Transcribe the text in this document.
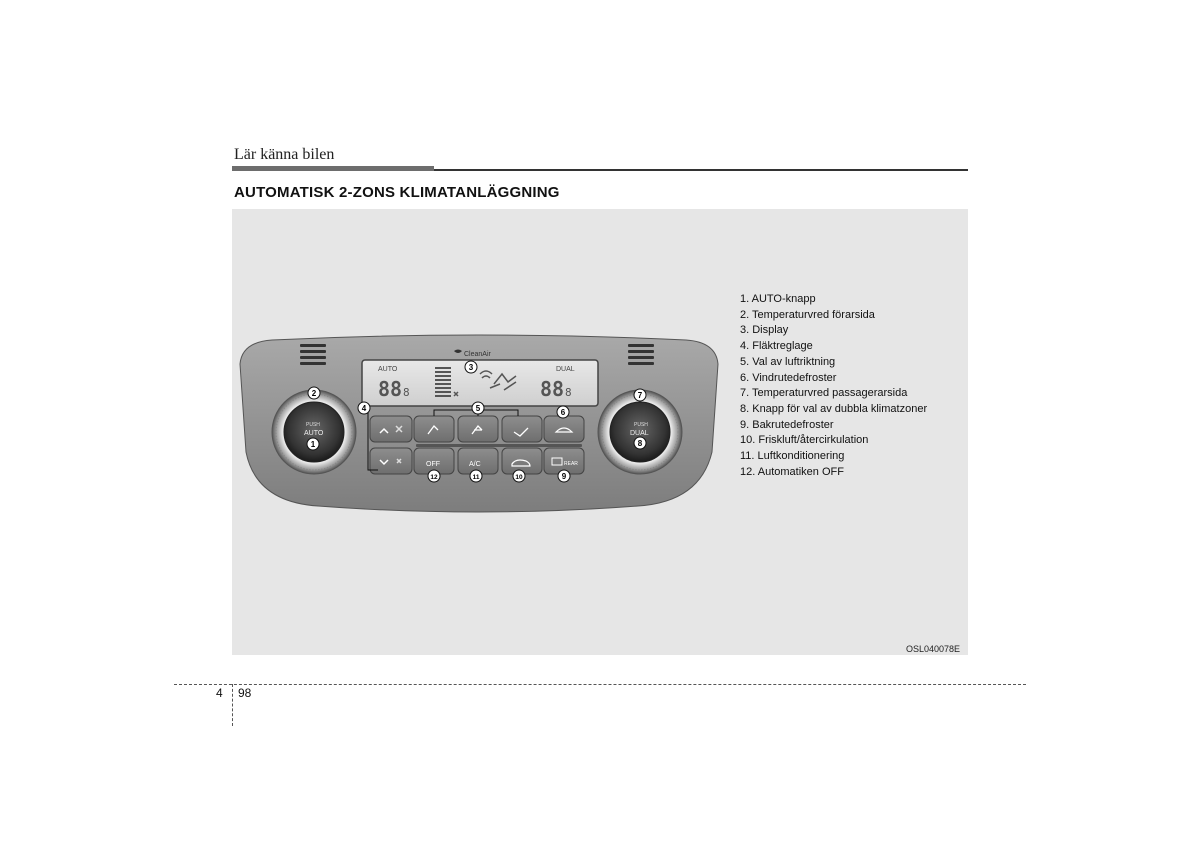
Lär känna bilen
AUTOMATISK 2-ZONS KLIMATANLÄGGNING
CleanAir
AUTO	DUAL
88 8	88 8
PUSH
AUTO
PUSH
DUAL
OFF	A/C	REAR
1
2
3
4	5	6
7
8
9
10
11
12
1. AUTO-knapp
2. Temperaturvred förarsida
3. Display
4. Fläktreglage
5. Val av luftriktning
6. Vindrutedefroster
7. Temperaturvred passagerarsida
8. Knapp för val av dubbla klimatzoner
9. Bakrutedefroster
10. Friskluft/återcirkulation
11. Luftkonditionering
12. Automatiken OFF
OSL040078E
4 98
